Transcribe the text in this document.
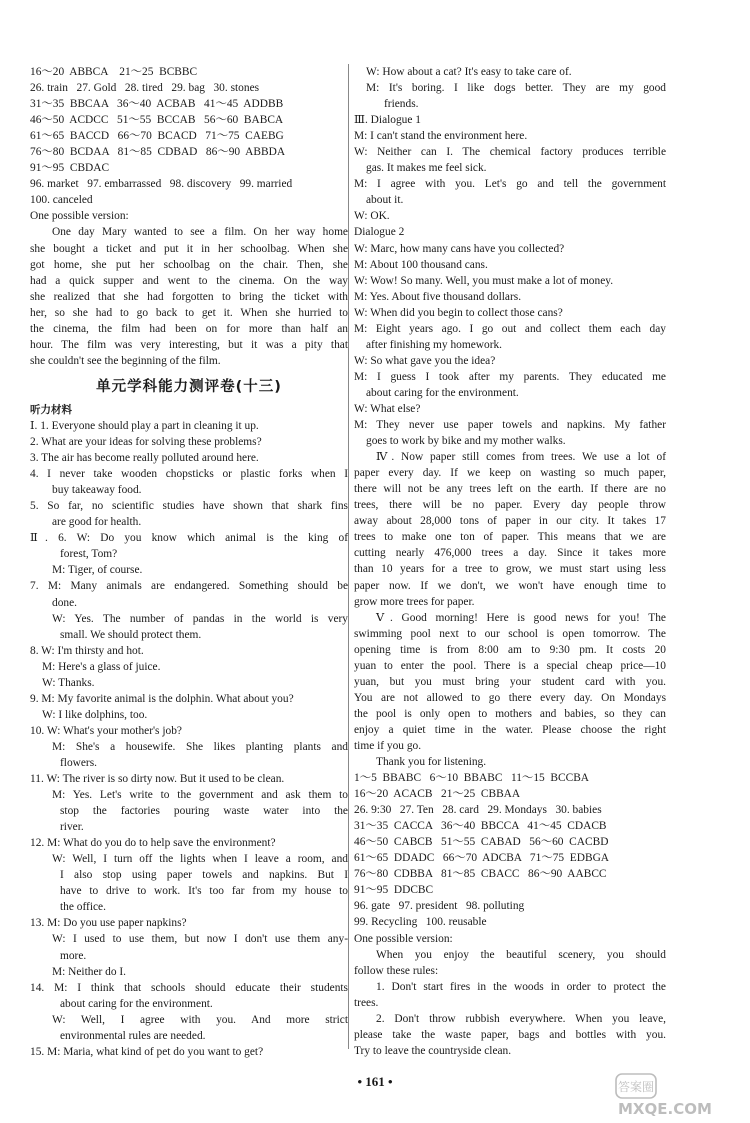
16～20  ABBCA    21～25  BCBBC
26. train   27. Gold   28. tired   29. bag   30. stones
31～35  BBCAA   36～40  ACBAB   41～45  ADDBB
46～50  ACDCC   51～55  BCCAB   56～60  BABCA
61～65  BACCD   66～70  BCACD   71～75  CAEBG
76～80  BCDAA   81～85  CDBAD   86～90  ABBDA
91～95  CBDAC
96. market   97. embarrassed   98. discovery   99. married
100. canceled
One possible version:
One day Mary wanted to see a film. On her way home
she bought a ticket and put it in her schoolbag. When she
got home, she put her schoolbag on the chair. Then, she
had a quick supper and went to the cinema. On the way
she realized that she had forgotten to bring the ticket with
her, so she had to go back to get it. When she hurried to
the cinema, the film had been on for more than half an
hour. The film was very interesting, but it was a pity that
she couldn't see the beginning of the film.
单元学科能力测评卷(十三)
听力材料
Ⅰ. 1. Everyone should play a part in cleaning it up.
2. What are your ideas for solving these problems?
3. The air has become really polluted around here.
4. I never take wooden chopsticks or plastic forks when I
buy takeaway food.
5. So far, no scientific studies have shown that shark fins
are good for health.
Ⅱ. 6. W: Do you know which animal is the king of
forest, Tom?
M: Tiger, of course.
7. M: Many animals are endangered. Something should be
done.
W: Yes. The number of pandas in the world is very
small. We should protect them.
8. W: I'm thirsty and hot.
M: Here's a glass of juice.
W: Thanks.
9. M: My favorite animal is the dolphin. What about you?
W: I like dolphins, too.
10. W: What's your mother's job?
M: She's a housewife. She likes planting plants and
flowers.
11. W: The river is so dirty now. But it used to be clean.
M: Yes. Let's write to the government and ask them to
stop the factories pouring waste water into the
river.
12. M: What do you do to help save the environment?
W: Well, I turn off the lights when I leave a room, and
I also stop using paper towels and napkins. But I
have to drive to work. It's too far from my house to
the office.
13. M: Do you use paper napkins?
W: I used to use them, but now I don't use them any-
more.
M: Neither do I.
14. M: I think that schools should educate their students
about caring for the environment.
W: Well, I agree with you. And more strict
environmental rules are needed.
15. M: Maria, what kind of pet do you want to get?
W: How about a cat? It's easy to take care of.
M: It's boring. I like dogs better. They are my good
friends.
Ⅲ. Dialogue 1
M: I can't stand the environment here.
W: Neither can I. The chemical factory produces terrible
gas. It makes me feel sick.
M: I agree with you. Let's go and tell the government
about it.
W: OK.
Dialogue 2
W: Marc, how many cans have you collected?
M: About 100 thousand cans.
W: Wow! So many. Well, you must make a lot of money.
M: Yes. About five thousand dollars.
W: When did you begin to collect those cans?
M: Eight years ago. I go out and collect them each day
after finishing my homework.
W: So what gave you the idea?
M: I guess I took after my parents. They educated me
about caring for the environment.
W: What else?
M: They never use paper towels and napkins. My father
goes to work by bike and my mother walks.
Ⅳ. Now paper still comes from trees. We use a lot of
paper every day. If we keep on wasting so much paper,
there will not be any trees left on the earth. If there are no
trees, there will be no paper. Every day people throw
away about 28,000 tons of paper in our city. It takes 17
trees to make one ton of paper. This means that we are
cutting nearly 476,000 trees a day. Since it takes more
than 10 years for a tree to grow, we must start using less
paper now. If we don't, we won't have enough time to
grow more trees for paper.
Ⅴ. Good morning! Here is good news for you! The
swimming pool next to our school is open tomorrow. The
opening time is from 8:00 am to 9:30 pm. It costs 20
yuan to enter the pool. There is a special cheap price—10
yuan, but you must bring your student card with you.
You are not allowed to go there every day. On Mondays
the pool is only open to mothers and babies, so they can
enjoy a quiet time in the water. Please choose the right
time if you go.
Thank you for listening.
1～5  BBABC   6～10  BBABC   11～15  BCCBA
16～20  ACACB   21～25  CBBAA
26. 9:30   27. Ten   28. card   29. Mondays   30. babies
31～35  CACCA   36～40  BBCCA   41～45  CDACB
46～50  CABCB   51～55  CABAD   56～60  CACBD
61～65  DDADC   66～70  ADCBA   71～75  EDBGA
76～80  CDBBA   81～85  CBACC   86～90  AABCC
91～95  DDCBC
96. gate   97. president   98. polluting
99. Recycling   100. reusable
One possible version:
When you enjoy the beautiful scenery, you should
follow these rules:
1. Don't start fires in the woods in order to protect the
trees.
2. Don't throw rubbish everywhere. When you leave,
please take the waste paper, bags and bottles with you.
Try to leave the countryside clean.
• 161 •	答案圈
MXQE.COM
